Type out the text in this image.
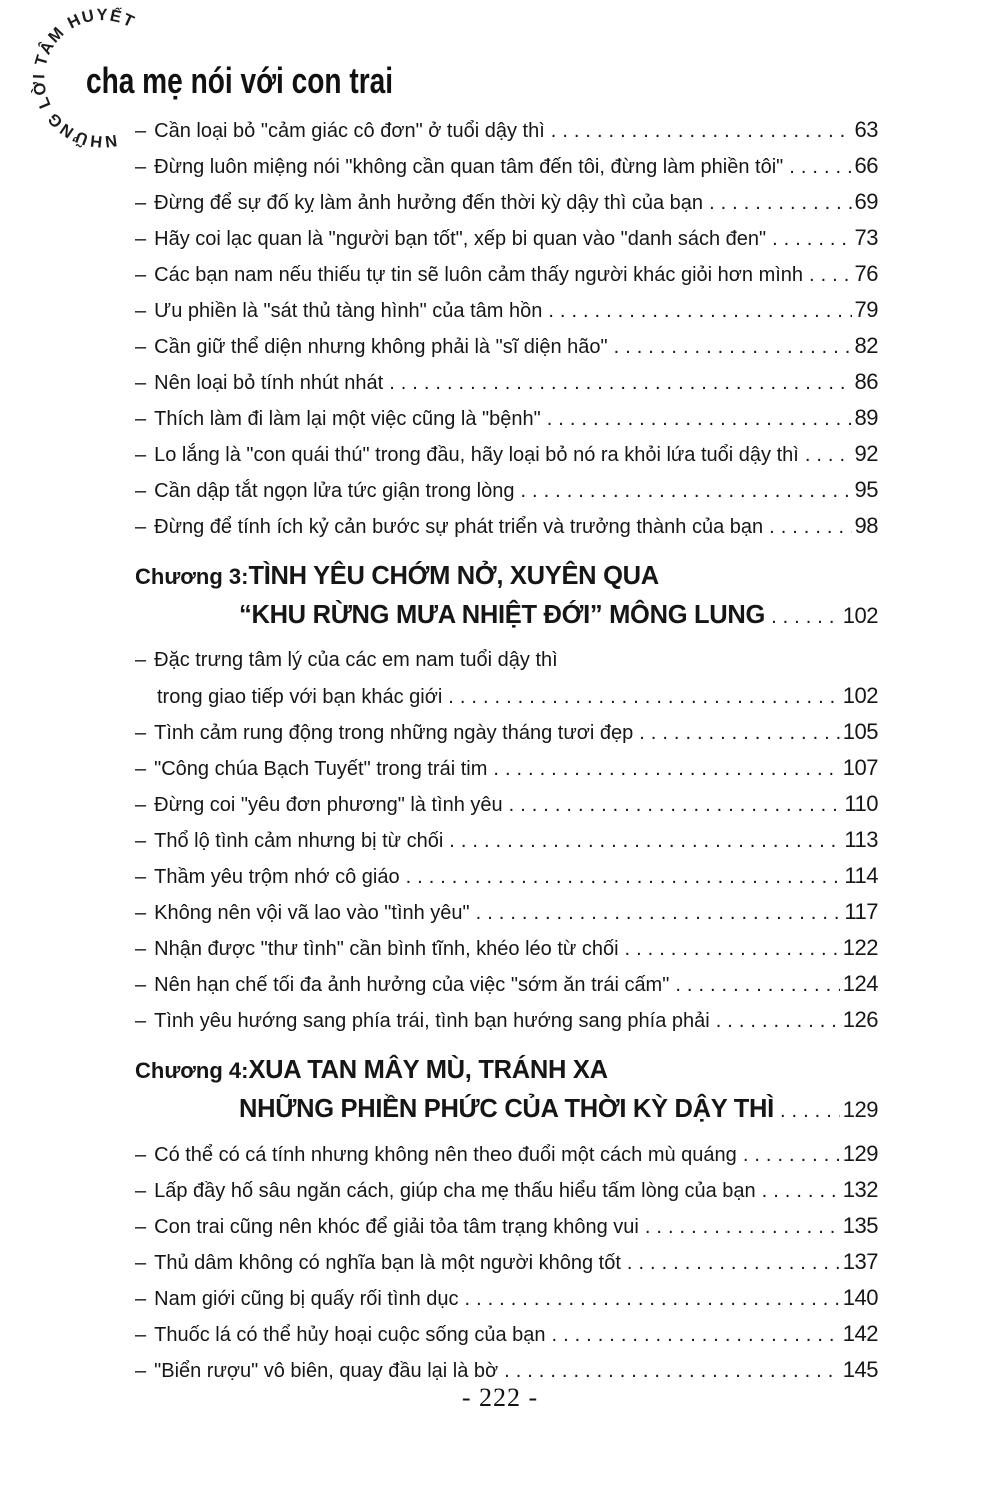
NHỮNG LỜI TÂM HUYẾT
cha mẹ nói với con trai
– Cần loại bỏ "cảm giác cô đơn" ở tuổi dậy thì .....	63
– Đừng luôn miệng nói "không cần quan tâm đến tôi, đừng làm phiền tôi" .....	66
– Đừng để sự đố kỵ làm ảnh hưởng đến thời kỳ dậy thì của bạn .....	69
– Hãy coi lạc quan là "người bạn tốt", xếp bi quan vào "danh sách đen" .....	73
– Các bạn nam nếu thiếu tự tin sẽ luôn cảm thấy người khác giỏi hơn mình ..... 76
– Ưu phiền là "sát thủ tàng hình" của tâm hồn .....	79
– Cần giữ thể diện nhưng không phải là "sĩ diện hão" .....	82
– Nên loại bỏ tính nhút nhát .....	86
– Thích làm đi làm lại một việc cũng là "bệnh" .....	89
– Lo lắng là "con quái thú" trong đầu, hãy loại bỏ nó ra khỏi lứa tuổi dậy thì .....	92
– Cần dập tắt ngọn lửa tức giận trong lòng .....	95
– Đừng để tính ích kỷ cản bước sự phát triển và trưởng thành của bạn .....	98
Chương 3: TÌNH YÊU CHỚM NỞ, XUYÊN QUA
“KHU RỪNG MƯA NHIỆT ĐỚI” MÔNG LUNG .....	102
– Đặc trưng tâm lý của các em nam tuổi dậy thì
trong giao tiếp với bạn khác giới .....	102
– Tình cảm rung động trong những ngày tháng tươi đẹp .....	105
– "Công chúa Bạch Tuyết" trong trái tim .....	107
– Đừng coi "yêu đơn phương" là tình yêu .....	110
– Thổ lộ tình cảm nhưng bị từ chối .....	113
– Thầm yêu trộm nhớ cô giáo .....	114
– Không nên vội vã lao vào "tình yêu" .....	117
– Nhận được "thư tình" cần bình tĩnh, khéo léo từ chối .....	122
– Nên hạn chế tối đa ảnh hưởng của việc "sớm ăn trái cấm" .....	124
– Tình yêu hướng sang phía trái, tình bạn hướng sang phía phải .....	126
Chương 4: XUA TAN MÂY MÙ, TRÁNH XA
NHỮNG PHIỀN PHỨC CỦA THỜI KỲ DẬY THÌ .....	129
– Có thể có cá tính nhưng không nên theo đuổi một cách mù quáng .....	129
– Lấp đầy hố sâu ngăn cách, giúp cha mẹ thấu hiểu tấm lòng của bạn .....	132
– Con trai cũng nên khóc để giải tỏa tâm trạng không vui .....	135
– Thủ dâm không có nghĩa bạn là một người không tốt .....	137
– Nam giới cũng bị quấy rối tình dục .....	140
– Thuốc lá có thể hủy hoại cuộc sống của bạn .....	142
– "Biển rượu" vô biên, quay đầu lại là bờ .....	145
- 222 -
